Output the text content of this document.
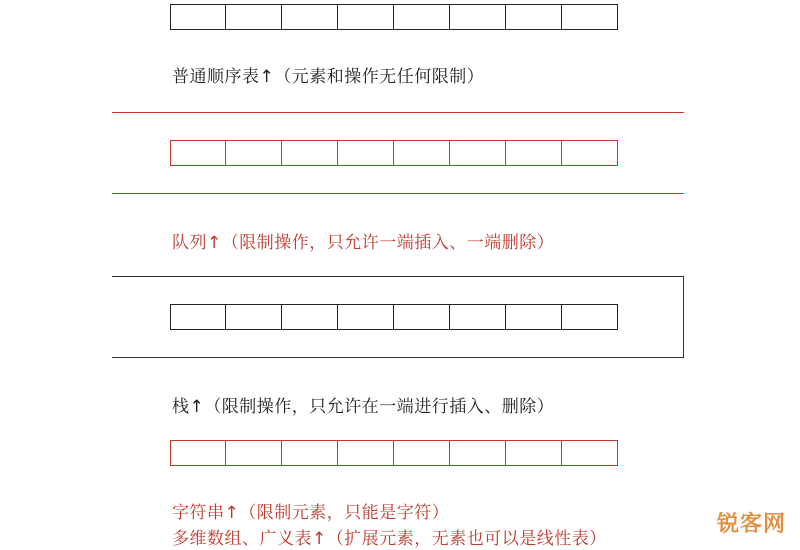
普通顺序表↑（元素和操作无任何限制）
队列↑（限制操作，只允许一端插入、一端删除）
栈↑（限制操作，只允许在一端进行插入、删除）
字符串↑（限制元素，只能是字符）
多维数组、广义表↑（扩展元素，无素也可以是线性表）
锐客网
